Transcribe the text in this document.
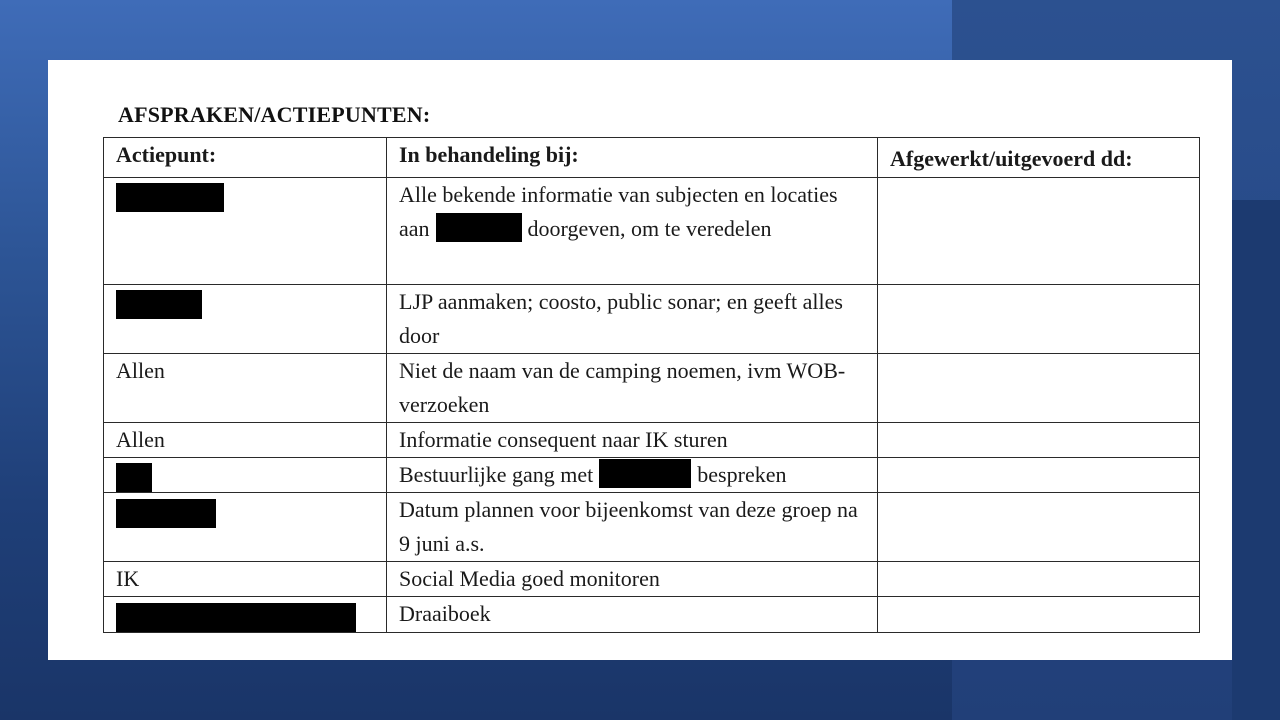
AFSPRAKEN/ACTIEPUNTEN:
Actiepunt:	In behandeling bij:	Afgewerkt/uitgevoerd dd:
	Alle bekende informatie van subjecten en locaties aan doorgeven, om te veredelen	
	LJP aanmaken; coosto, public sonar; en geeft alles door	
Allen	Niet de naam van de camping noemen, ivm WOB-verzoeken	
Allen	Informatie consequent naar IK sturen	
	Bestuurlijke gang met bespreken	
	Datum plannen voor bijeenkomst van deze groep na 9 juni a.s.	
IK	Social Media goed monitoren	
	Draaiboek	
